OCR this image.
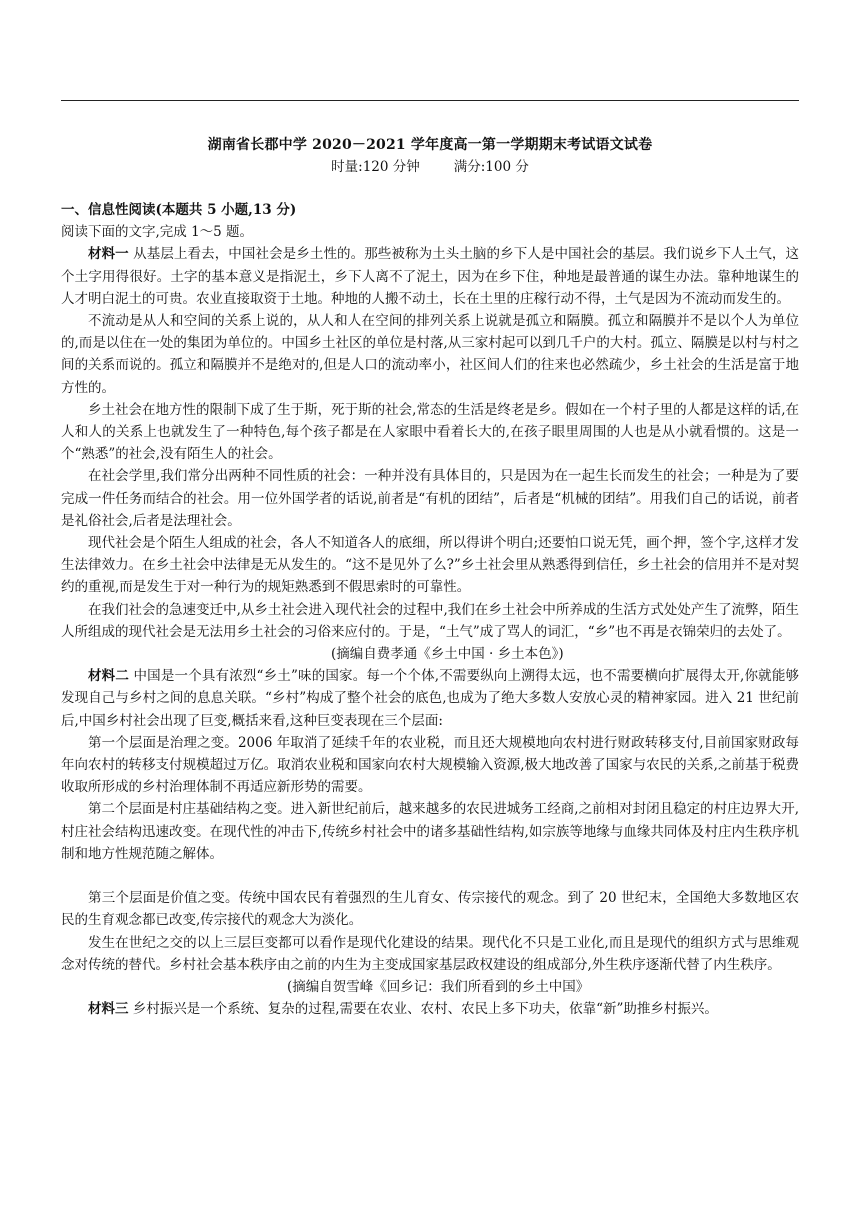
湖南省长郡中学 2020－2021 学年度高一第一学期期末考试语文试卷
时量:120 分钟	满分:100 分
一、信息性阅读(本题共 5 小题,13 分)
阅读下面的文字,完成 1～5 题。

材料一 从基层上看去，中国社会是乡土性的。那些被称为土头土脑的乡下人是中国社会的基层。我们说乡下人土气，这个土字用得很好。土字的基本意义是指泥土，乡下人离不了泥土，因为在乡下住，种地是最普通的谋生办法。靠种地谋生的人才明白泥土的可贵。农业直接取资于土地。种地的人搬不动土，长在土里的庄稼行动不得，土气是因为不流动而发生的。

不流动是从人和空间的关系上说的，从人和人在空间的排列关系上说就是孤立和隔膜。孤立和隔膜并不是以个人为单位的,而是以住在一处的集团为单位的。中国乡土社区的单位是村落,从三家村起可以到几千户的大村。孤立、隔膜是以村与村之间的关系而说的。孤立和隔膜并不是绝对的,但是人口的流动率小，社区间人们的往来也必然疏少，乡土社会的生活是富于地方性的。

乡土社会在地方性的限制下成了生于斯，死于斯的社会,常态的生活是终老是乡。假如在一个村子里的人都是这样的话,在人和人的关系上也就发生了一种特色,每个孩子都是在人家眼中看着长大的,在孩子眼里周围的人也是从小就看惯的。这是一个“熟悉”的社会,没有陌生人的社会。

在社会学里,我们常分出两种不同性质的社会：一种并没有具体目的，只是因为在一起生长而发生的社会；一种是为了要完成一件任务而结合的社会。用一位外国学者的话说,前者是“有机的团结”，后者是“机械的团结”。用我们自己的话说，前者是礼俗社会,后者是法理社会。

现代社会是个陌生人组成的社会，各人不知道各人的底细，所以得讲个明白;还要怕口说无凭，画个押，签个字,这样才发生法律效力。在乡土社会中法律是无从发生的。“这不是见外了么?”乡土社会里从熟悉得到信任，乡土社会的信用并不是对契约的重视,而是发生于对一种行为的规矩熟悉到不假思索时的可靠性。

在我们社会的急速变迁中,从乡土社会进入现代社会的过程中,我们在乡土社会中所养成的生活方式处处产生了流弊，陌生人所组成的现代社会是无法用乡土社会的习俗来应付的。于是，“土气”成了骂人的词汇，“乡”也不再是衣锦荣归的去处了。

(摘编自费孝通《乡土中国 · 乡土本色》)

材料二 中国是一个具有浓烈“乡土”味的国家。每一个个体,不需要纵向上溯得太远，也不需要横向扩展得太开,你就能够发现自己与乡村之间的息息关联。“乡村”构成了整个社会的底色,也成为了绝大多数人安放心灵的精神家园。进入 21 世纪前后,中国乡村社会出现了巨变,概括来看,这种巨变表现在三个层面:

第一个层面是治理之变。2006 年取消了延续千年的农业税，而且还大规模地向农村进行财政转移支付,目前国家财政每年向农村的转移支付规模超过万亿。取消农业税和国家向农村大规模输入资源,极大地改善了国家与农民的关系,之前基于税费收取所形成的乡村治理体制不再适应新形势的需要。

第二个层面是村庄基础结构之变。进入新世纪前后，越来越多的农民进城务工经商,之前相对封闭且稳定的村庄边界大开,村庄社会结构迅速改变。在现代性的冲击下,传统乡村社会中的诸多基础性结构,如宗族等地缘与血缘共同体及村庄内生秩序机制和地方性规范随之解体。

第三个层面是价值之变。传统中国农民有着强烈的生儿育女、传宗接代的观念。到了 20 世纪末，全国绝大多数地区农民的生育观念都已改变,传宗接代的观念大为淡化。

发生在世纪之交的以上三层巨变都可以看作是现代化建设的结果。现代化不只是工业化,而且是现代的组织方式与思维观念对传统的替代。乡村社会基本秩序由之前的内生为主变成国家基层政权建设的组成部分,外生秩序逐渐代替了内生秩序。

(摘编自贺雪峰《回乡记：我们所看到的乡土中国》

材料三 乡村振兴是一个系统、复杂的过程,需要在农业、农村、农民上多下功夫，依靠“新”助推乡村振兴。
